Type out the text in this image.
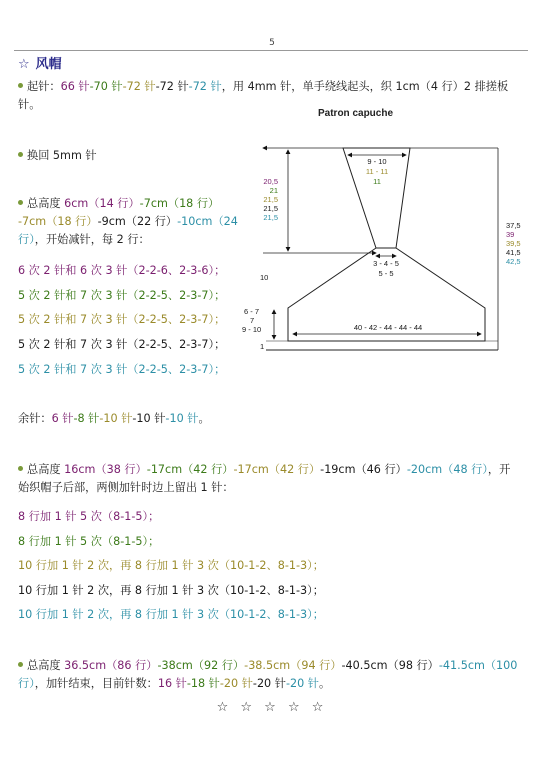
5
☆ 风帽
起针：66 针-70 针-72 针-72 针-72 针，用 4mm 针，单手绕线起头，织 1cm（4 行）2 排搓板
针。
换回 5mm 针
总高度 6cm（14 行）-7cm（18 行）
-7cm（18 行）-9cm（22 行）-10cm（24
行），开始减针，每 2 行：
6 次 2 针和 6 次 3 针（2-2-6、2-3-6）；
5 次 2 针和 7 次 3 针（2-2-5、2-3-7）；
5 次 2 针和 7 次 3 针（2-2-5、2-3-7）；
5 次 2 针和 7 次 3 针（2-2-5、2-3-7）；
5 次 2 针和 7 次 3 针（2-2-5、2-3-7）；
余针：6 针-8 针-10 针-10 针-10 针。
总高度 16cm（38 行）-17cm（42 行）-17cm（42 行）-19cm（46 行）-20cm（48 行），开
始织帽子后部，两侧加针时边上留出 1 针：
8 行加 1 针 5 次（8-1-5）；
8 行加 1 针 5 次（8-1-5）；
10 行加 1 针 2 次，再 8 行加 1 针 3 次（10-1-2、8-1-3）；
10 行加 1 针 2 次，再 8 行加 1 针 3 次（10-1-2、8-1-3）；
10 行加 1 针 2 次，再 8 行加 1 针 3 次（10-1-2、8-1-3）；
总高度 36.5cm（86 行）-38cm（92 行）-38.5cm（94 行）-40.5cm（98 行）-41.5cm（100
行），加针结束，目前针数：16 针-18 针-20 针-20 针-20 针。
☆ ☆ ☆ ☆ ☆
Patron capuche
9 - 10
11 - 11
11
20,5
21
21,5
21,5
21,5
3 - 4 - 5
5 - 5
10
37,5
39
39,5
41,5
42,5
6 - 7
7
9 - 10	40 - 42 - 44 - 44 - 44
1
